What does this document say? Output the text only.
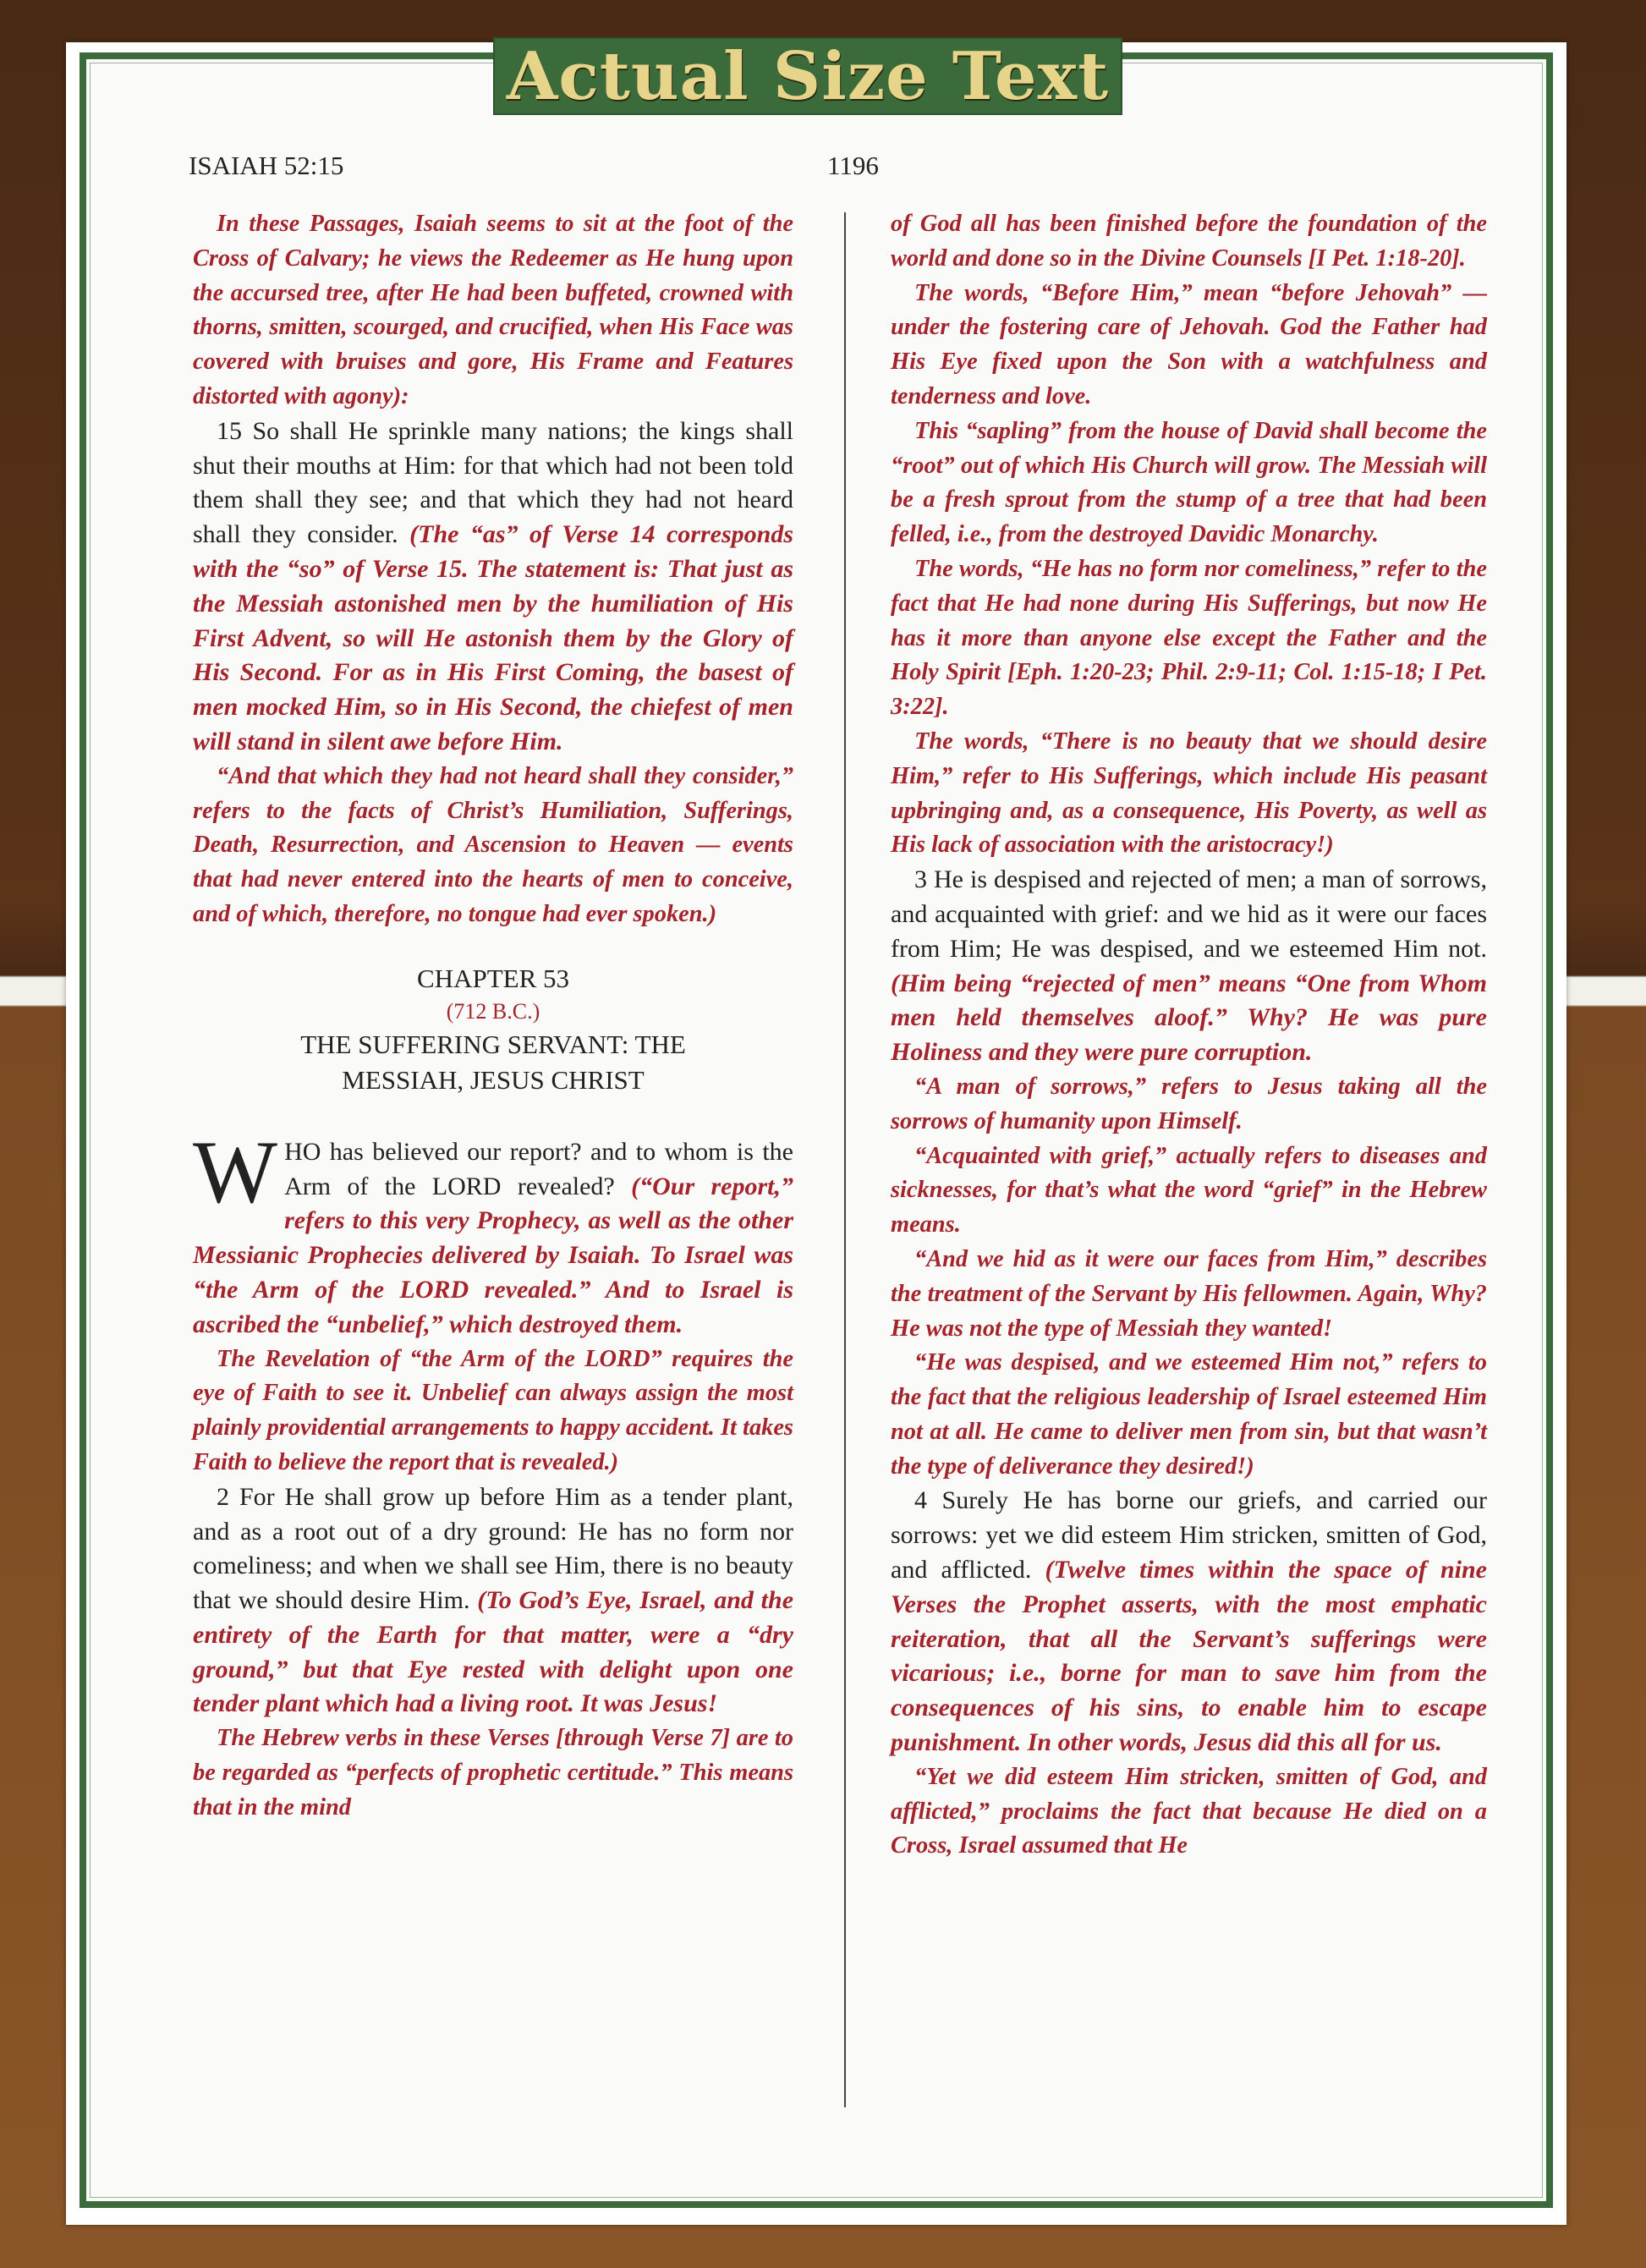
Actual Size Text
ISAIAH 52:15	1196

In these Passages, Isaiah seems to sit at the foot of the Cross of Calvary; he views the Redeemer as He hung upon the accursed tree, after He had been buffeted, crowned with thorns, smitten, scourged, and crucified, when His Face was covered with bruises and gore, His Frame and Features distorted with agony):

15 So shall He sprinkle many nations; the kings shall shut their mouths at Him: for that which had not been told them shall they see; and that which they had not heard shall they consider. (The “as” of Verse 14 corresponds with the “so” of Verse 15. The statement is: That just as the Messiah astonished men by the humiliation of His First Advent, so will He astonish them by the Glory of His Second. For as in His First Coming, the basest of men mocked Him, so in His Second, the chiefest of men will stand in silent awe before Him.

“And that which they had not heard shall they consider,” refers to the facts of Christ’s Humiliation, Sufferings, Death, Resurrection, and Ascension to Heaven — events that had never entered into the hearts of men to conceive, and of which, therefore, no tongue had ever spoken.)

CHAPTER 53
(712 B.C.)
THE SUFFERING SERVANT: THE
MESSIAH, JESUS CHRIST

WHO has believed our report? and to whom is the Arm of the LORD revealed? (“Our report,” refers to this very Prophecy, as well as the other Messianic Prophecies delivered by Isaiah. To Israel was “the Arm of the LORD revealed.” And to Israel is ascribed the “unbelief,” which destroyed them.

The Revelation of “the Arm of the LORD” requires the eye of Faith to see it. Unbelief can always assign the most plainly providential arrangements to happy accident. It takes Faith to believe the report that is revealed.)

2 For He shall grow up before Him as a tender plant, and as a root out of a dry ground: He has no form nor comeliness; and when we shall see Him, there is no beauty that we should desire Him. (To God’s Eye, Israel, and the entirety of the Earth for that matter, were a “dry ground,” but that Eye rested with delight upon one tender plant which had a living root. It was Jesus!

The Hebrew verbs in these Verses [through Verse 7] are to be regarded as “perfects of prophetic certitude.” This means that in the mind

of God all has been finished before the foundation of the world and done so in the Divine Counsels [I Pet. 1:18-20].

The words, “Before Him,” mean “before Jehovah” — under the fostering care of Jehovah. God the Father had His Eye fixed upon the Son with a watchfulness and tenderness and love.

This “sapling” from the house of David shall become the “root” out of which His Church will grow. The Messiah will be a fresh sprout from the stump of a tree that had been felled, i.e., from the destroyed Davidic Monarchy.

The words, “He has no form nor comeliness,” refer to the fact that He had none during His Sufferings, but now He has it more than anyone else except the Father and the Holy Spirit [Eph. 1:20-23; Phil. 2:9-11; Col. 1:15-18; I Pet. 3:22].

The words, “There is no beauty that we should desire Him,” refer to His Sufferings, which include His peasant upbringing and, as a consequence, His Poverty, as well as His lack of association with the aristocracy!)

3 He is despised and rejected of men; a man of sorrows, and acquainted with grief: and we hid as it were our faces from Him; He was despised, and we esteemed Him not. (Him being “rejected of men” means “One from Whom men held themselves aloof.” Why? He was pure Holiness and they were pure corruption.

“A man of sorrows,” refers to Jesus taking all the sorrows of humanity upon Himself.

“Acquainted with grief,” actually refers to diseases and sicknesses, for that’s what the word “grief” in the Hebrew means.

“And we hid as it were our faces from Him,” describes the treatment of the Servant by His fellowmen. Again, Why? He was not the type of Messiah they wanted!

“He was despised, and we esteemed Him not,” refers to the fact that the religious leadership of Israel esteemed Him not at all. He came to deliver men from sin, but that wasn’t the type of deliverance they desired!)

4 Surely He has borne our griefs, and carried our sorrows: yet we did esteem Him stricken, smitten of God, and afflicted. (Twelve times within the space of nine Verses the Prophet asserts, with the most emphatic reiteration, that all the Servant’s sufferings were vicarious; i.e., borne for man to save him from the consequences of his sins, to enable him to escape punishment. In other words, Jesus did this all for us.

“Yet we did esteem Him stricken, smitten of God, and afflicted,” proclaims the fact that because He died on a Cross, Israel assumed that He
